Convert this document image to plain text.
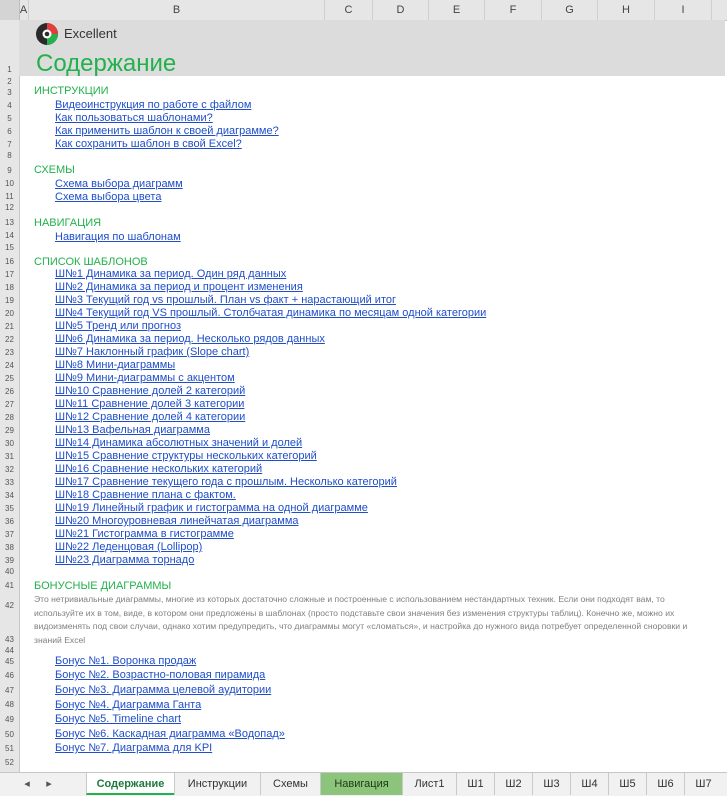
A	B	C	D	E	F	G	H	I
1
2
3
4
5
6
7
8
9
10
11
12
13
14
15
16
17
18
19
20
21
22
23
24
25
26
27
28
29
30
31
32
33
34
35
36
37
38
39
40
41
42
43
44
45
46
47
48
49
50
51
52
Excellent
Содержание
ИНСТРУКЦИИ
Видеоинструкция по работе с файлом
Как пользоваться шаблонами?
Как применить шаблон к своей диаграмме?
Как сохранить шаблон в свой Excel?
СХЕМЫ
Схема выбора диаграмм
Схема выбора цвета
НАВИГАЦИЯ
Навигация по шаблонам
СПИСОК ШАБЛОНОВ
Ш№1 Динамика за период. Один ряд данных
Ш№2 Динамика за период и процент изменения
Ш№3 Текущий год vs прошлый. План vs факт + нарастающий итог
Ш№4 Текущий год VS прошлый. Столбчатая динамика по месяцам одной категории
Ш№5 Тренд или прогноз
Ш№6 Динамика за период. Несколько рядов данных
Ш№7 Наклонный график (Slope chart)
Ш№8 Мини-диаграммы
Ш№9 Мини-диаграммы с акцентом
Ш№10 Сравнение долей 2 категорий
Ш№11 Сравнение долей 3 категории
Ш№12 Сравнение долей 4 категории
Ш№13 Вафельная диаграмма
Ш№14 Динамика абсолютных значений и долей
Ш№15 Сравнение структуры нескольких категорий
Ш№16 Сравнение нескольких категорий
Ш№17 Сравнение текущего года с прошлым. Несколько категорий
Ш№18 Сравнение плана с фактом.
Ш№19 Линейный график и гистограмма на одной диаграмме
Ш№20 Многоуровневая линейчатая диаграмма
Ш№21 Гистограмма в гистограмме
Ш№22 Леденцовая (Lollipop)
Ш№23 Диаграмма торнадо
БОНУСНЫЕ ДИАГРАММЫ
Это нетривиальные диаграммы, многие из которых достаточно сложные и построенные с использованием нестандартных техник. Если они подходят вам, то используйте их в том, виде, в котором они предложены в шаблонах (просто подставьте свои значения без изменения структуры таблиц). Конечно же, можно их видоизменять под свои случаи, однако хотим предупредить, что диаграммы могут «сломаться», и настройка до нужного вида потребует определенной сноровки и знаний Excel
Бонус №1. Воронка продаж
Бонус №2. Возрастно-половая пирамида
Бонус №3. Диаграмма целевой аудитории
Бонус №4. Диаграмма Ганта
Бонус №5. Timeline chart
Бонус №6. Каскадная диаграмма «Водопад»
Бонус №7. Диаграмма для KPI
◂	▸	Содержание	Инструкции	Схемы	Навигация	Лист1	Ш1	Ш2	Ш3	Ш4	Ш5	Ш6	Ш7
